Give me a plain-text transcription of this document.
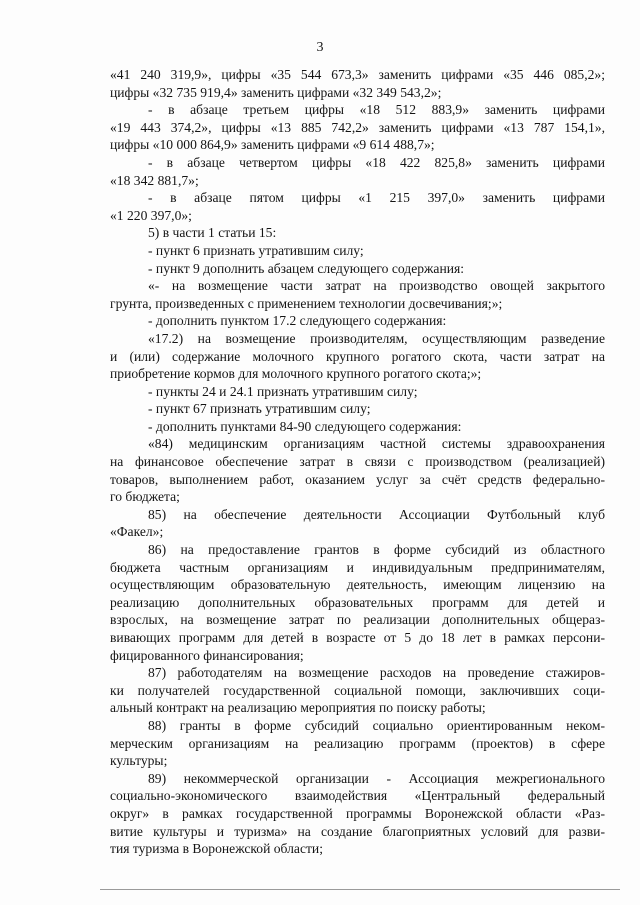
3
«41 240 319,9», цифры «35 544 673,3» заменить цифрами «35 446 085,2»;
цифры «32 735 919,4» заменить цифрами «32 349 543,2»;
- в абзаце третьем цифры «18 512 883,9» заменить цифрами
«19 443 374,2», цифры «13 885 742,2» заменить цифрами «13 787 154,1»,
цифры «10 000 864,9» заменить цифрами «9 614 488,7»;
- в абзаце четвертом цифры «18 422 825,8» заменить цифрами
«18 342 881,7»;
- в абзаце пятом цифры «1 215 397,0» заменить цифрами
«1 220 397,0»;
5) в части 1 статьи 15:
- пункт 6 признать утратившим силу;
- пункт 9 дополнить абзацем следующего содержания:
«- на возмещение части затрат на производство овощей закрытого
грунта, произведенных с применением технологии досвечивания;»;
- дополнить пунктом 17.2 следующего содержания:
«17.2) на возмещение производителям, осуществляющим разведение
и (или) содержание молочного крупного рогатого скота, части затрат на
приобретение кормов для молочного крупного рогатого скота;»;
- пункты 24 и 24.1 признать утратившим силу;
- пункт 67 признать утратившим силу;
- дополнить пунктами 84-90 следующего содержания:
«84) медицинским организациям частной системы здравоохранения
на финансовое обеспечение затрат в связи с производством (реализацией)
товаров, выполнением работ, оказанием услуг за счёт средств федерально-
го бюджета;
85) на обеспечение деятельности Ассоциации Футбольный клуб
«Факел»;
86) на предоставление грантов в форме субсидий из областного
бюджета частным организациям и индивидуальным предпринимателям,
осуществляющим образовательную деятельность, имеющим лицензию на
реализацию дополнительных образовательных программ для детей и
взрослых, на возмещение затрат по реализации дополнительных общераз-
вивающих программ для детей в возрасте от 5 до 18 лет в рамках персони-
фицированного финансирования;
87) работодателям на возмещение расходов на проведение стажиров-
ки получателей государственной социальной помощи, заключивших соци-
альный контракт на реализацию мероприятия по поиску работы;
88) гранты в форме субсидий социально ориентированным неком-
мерческим организациям на реализацию программ (проектов) в сфере
культуры;
89) некоммерческой организации - Ассоциация межрегионального
социально-экономического взаимодействия «Центральный федеральный
округ» в рамках государственной программы Воронежской области «Раз-
витие культуры и туризма» на создание благоприятных условий для разви-
тия туризма в Воронежской области;
